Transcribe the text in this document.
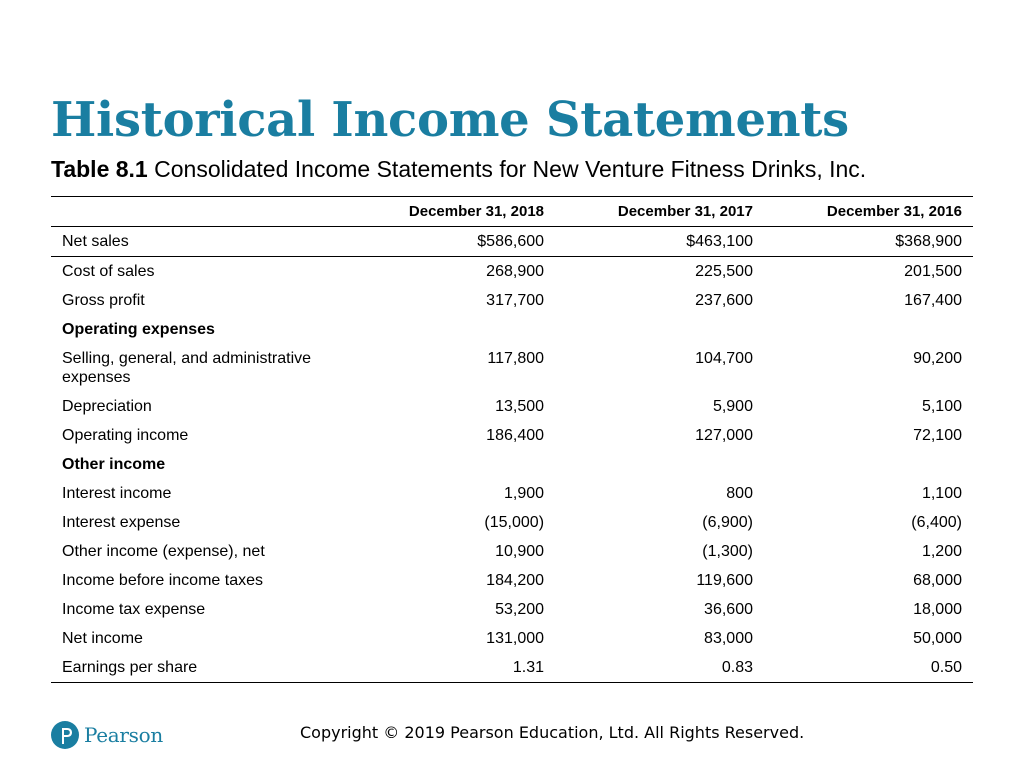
Historical Income Statements
Table 8.1 Consolidated Income Statements for New Venture Fitness Drinks, Inc.
	December 31, 2018	December 31, 2017	December 31, 2016
Net sales	$586,600	$463,100	$368,900
Cost of sales	268,900	225,500	201,500
Gross profit	317,700	237,600	167,400
Operating expenses			
Selling, general, and administrative expenses	117,800	104,700	90,200
Depreciation	13,500	5,900	5,100
Operating income	186,400	127,000	72,100
Other income			
Interest income	1,900	800	1,100
Interest expense	(15,000)	(6,900)	(6,400)
Other income (expense), net	10,900	(1,300)	1,200
Income before income taxes	184,200	119,600	68,000
Income tax expense	53,200	36,600	18,000
Net income	131,000	83,000	50,000
Earnings per share	1.31	0.83	0.50
Pearson	Copyright © 2019 Pearson Education, Ltd. All Rights Reserved.
